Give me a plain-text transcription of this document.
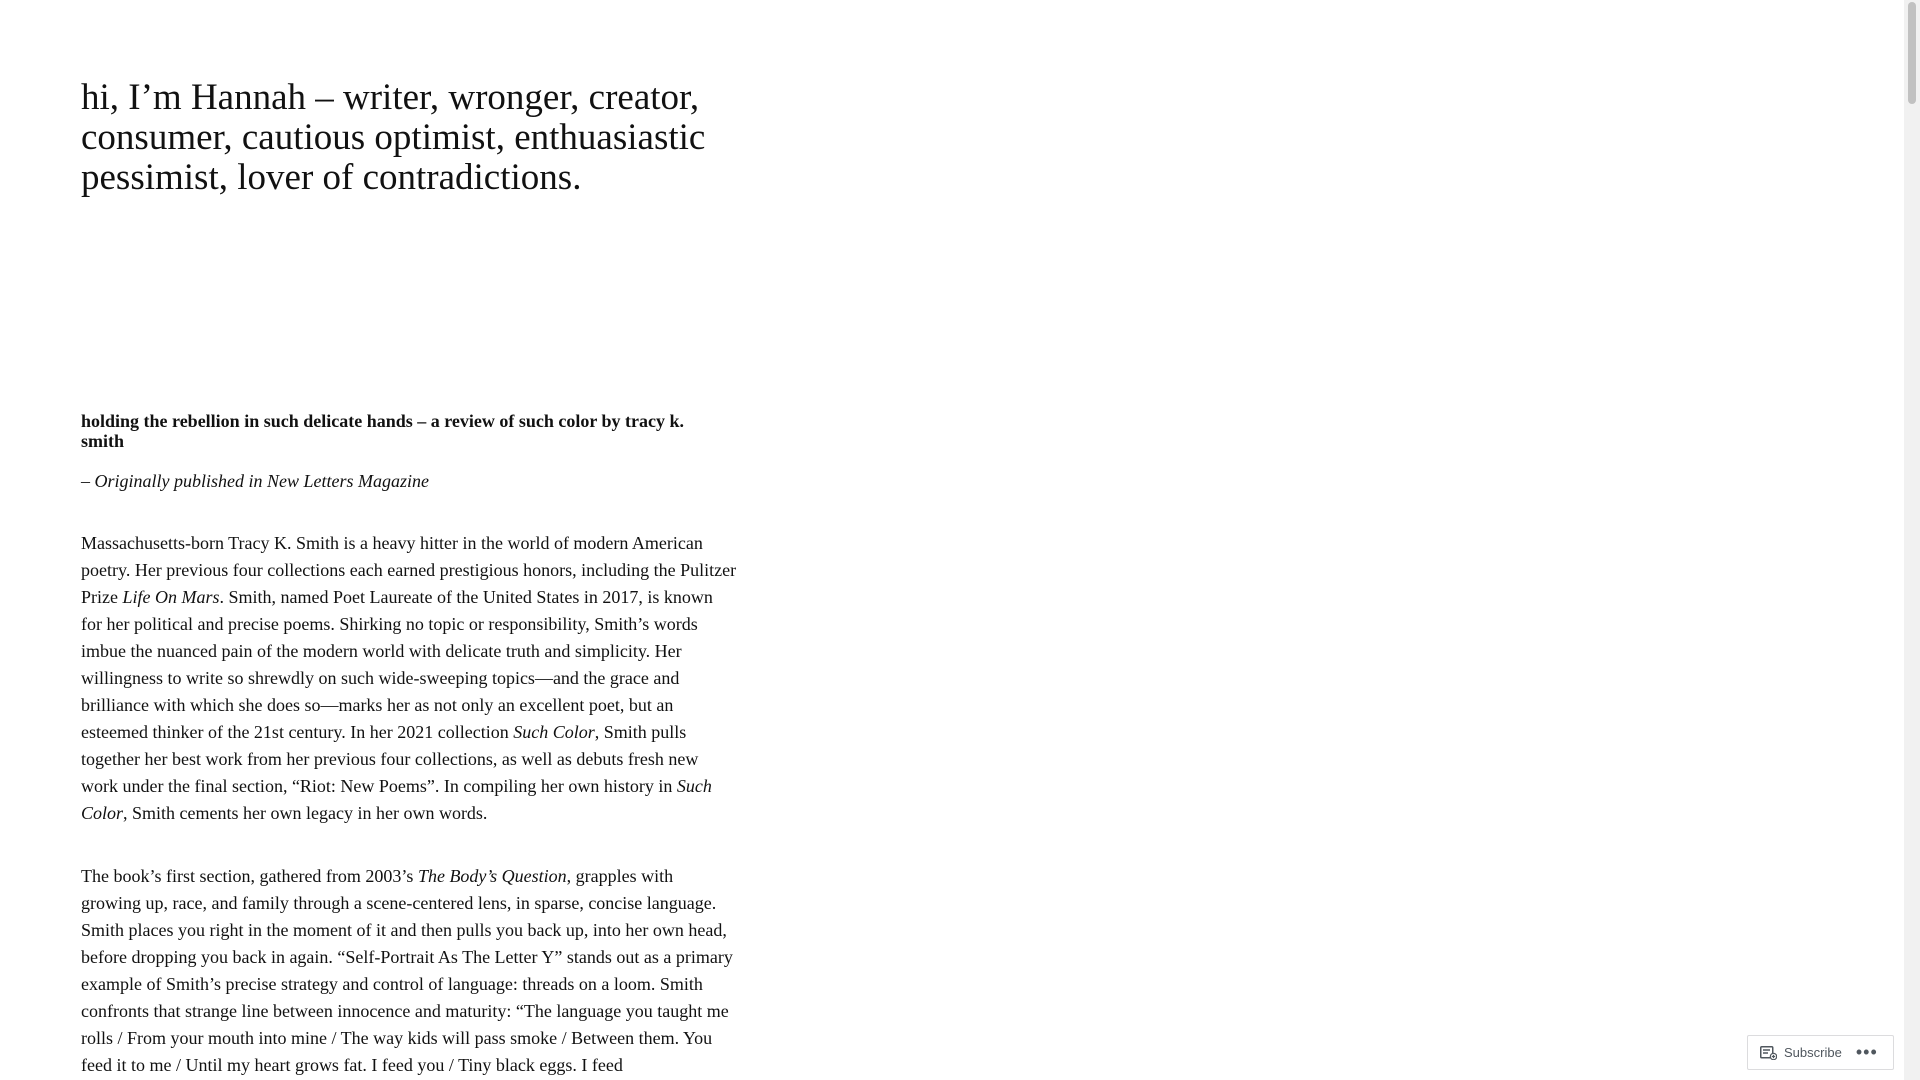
hi, I’m Hannah – writer, wronger, creator, consumer, cautious optimist, enthuasiastic pessimist, lover of contradictions.
holding the rebellion in such delicate hands – a review of such color by tracy k. smith

– Originally published in New Letters Magazine

Massachusetts-born Tracy K. Smith is a heavy hitter in the world of modern American poetry. Her previous four collections each earned prestigious honors, including the Pulitzer Prize Life On Mars. Smith, named Poet Laureate of the United States in 2017, is known for her political and precise poems. Shirking no topic or responsibility, Smith’s words imbue the nuanced pain of the modern world with delicate truth and simplicity. Her willingness to write so shrewdly on such wide-sweeping topics—and the grace and brilliance with which she does so—marks her as not only an excellent poet, but an esteemed thinker of the 21st century. In her 2021 collection Such Color, Smith pulls together her best work from her previous four collections, as well as debuts fresh new work under the final section, “Riot: New Poems”. In compiling her own history in Such Color, Smith cements her own legacy in her own words.

The book’s first section, gathered from 2003’s The Body’s Question, grapples with growing up, race, and family through a scene-centered lens, in sparse, concise language. Smith places you right in the moment of it and then pulls you back up, into her own head, before dropping you back in again. “Self-Portrait As The Letter Y” stands out as a primary example of Smith’s precise strategy and control of language: threads on a loom. Smith confronts that strange line between innocence and maturity: “The language you taught me rolls / From your mouth into mine / The way kids will pass smoke / Between them. You feed it to me / Until my heart grows fat. I feed you / Tiny black eggs. I feed

Subscribe •••
